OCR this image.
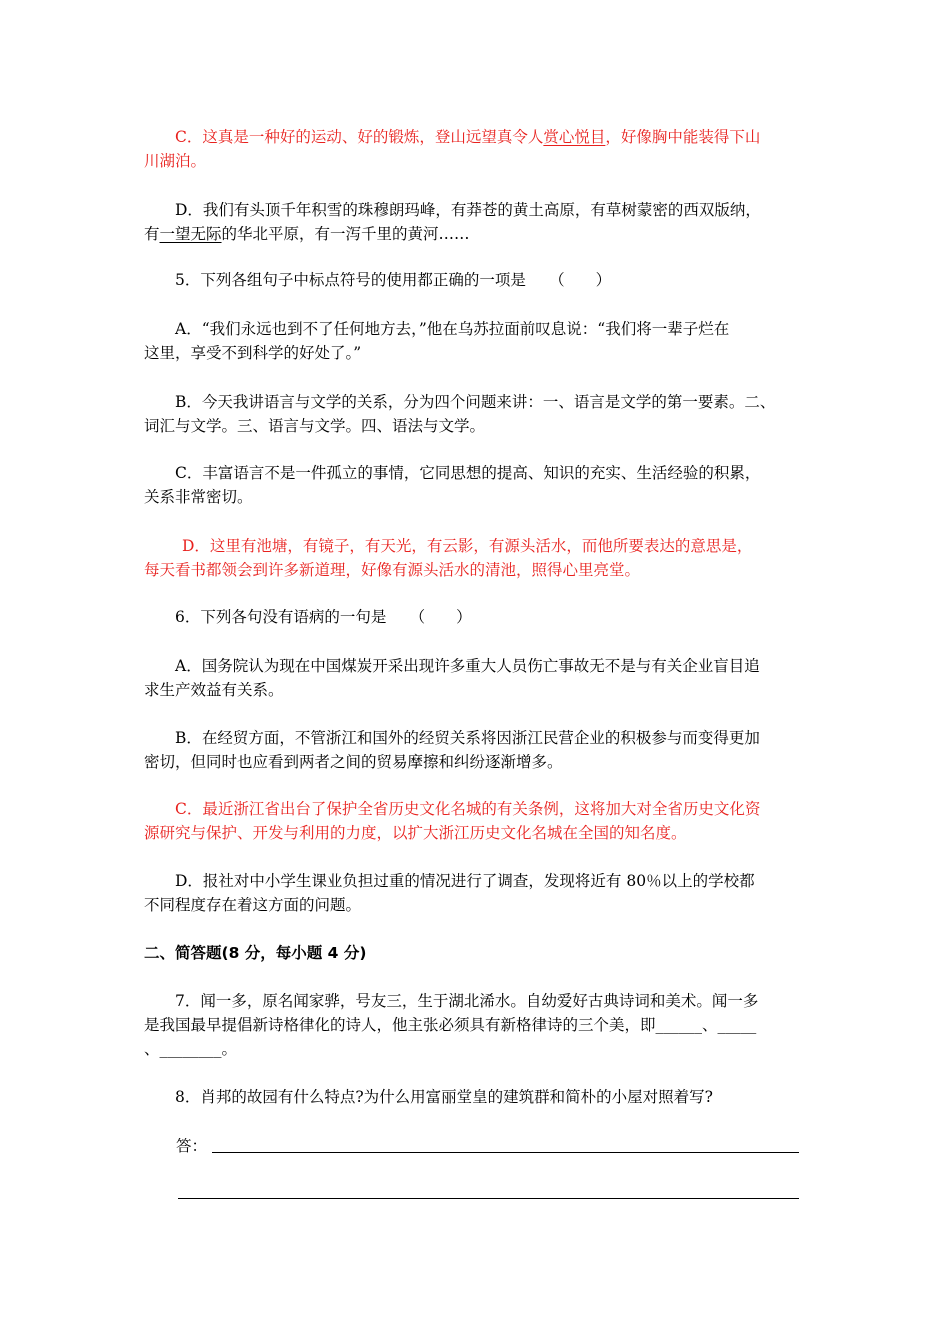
C．这真是一种好的运动、好的锻炼，登山远望真令人赏心悦目，好像胸中能装得下山
川湖泊。
D．我们有头顶千年积雪的珠穆朗玛峰，有莽苍的黄土高原，有草树蒙密的西双版纳，
有一望无际的华北平原，有一泻千里的黄河……
5．下列各组句子中标点符号的使用都正确的一项是　　（　　）
A．“我们永远也到不了任何地方去，”他在乌苏拉面前叹息说：“我们将一辈子烂在
这里，享受不到科学的好处了。”
B．今天我讲语言与文学的关系，分为四个问题来讲：一、语言是文学的第一要素。二、
词汇与文学。三、语言与文学。四、语法与文学。
C．丰富语言不是一件孤立的事情，它同思想的提高、知识的充实、生活经验的积累，
关系非常密切。
D．这里有池塘，有镜子，有天光，有云影，有源头活水，而他所要表达的意思是，
每天看书都领会到许多新道理，好像有源头活水的清池，照得心里亮堂。
6．下列各句没有语病的一句是　　（　　）
A．国务院认为现在中国煤炭开采出现许多重大人员伤亡事故无不是与有关企业盲目追
求生产效益有关系。
B．在经贸方面，不管浙江和国外的经贸关系将因浙江民营企业的积极参与而变得更加
密切，但同时也应看到两者之间的贸易摩擦和纠纷逐渐增多。
C．最近浙江省出台了保护全省历史文化名城的有关条例，这将加大对全省历史文化资
源研究与保护、开发与利用的力度，以扩大浙江历史文化名城在全国的知名度。
D．报社对中小学生课业负担过重的情况进行了调查，发现将近有 80％以上的学校都
不同程度存在着这方面的问题。
二、简答题(8 分，每小题 4 分)
7．闻一多，原名闻家骅，号友三，生于湖北浠水。自幼爱好古典诗词和美术。闻一多
是我国最早提倡新诗格律化的诗人，他主张必须具有新格律诗的三个美，即______、_____
、________。
8．肖邦的故园有什么特点?为什么用富丽堂皇的建筑群和简朴的小屋对照着写?
答：
